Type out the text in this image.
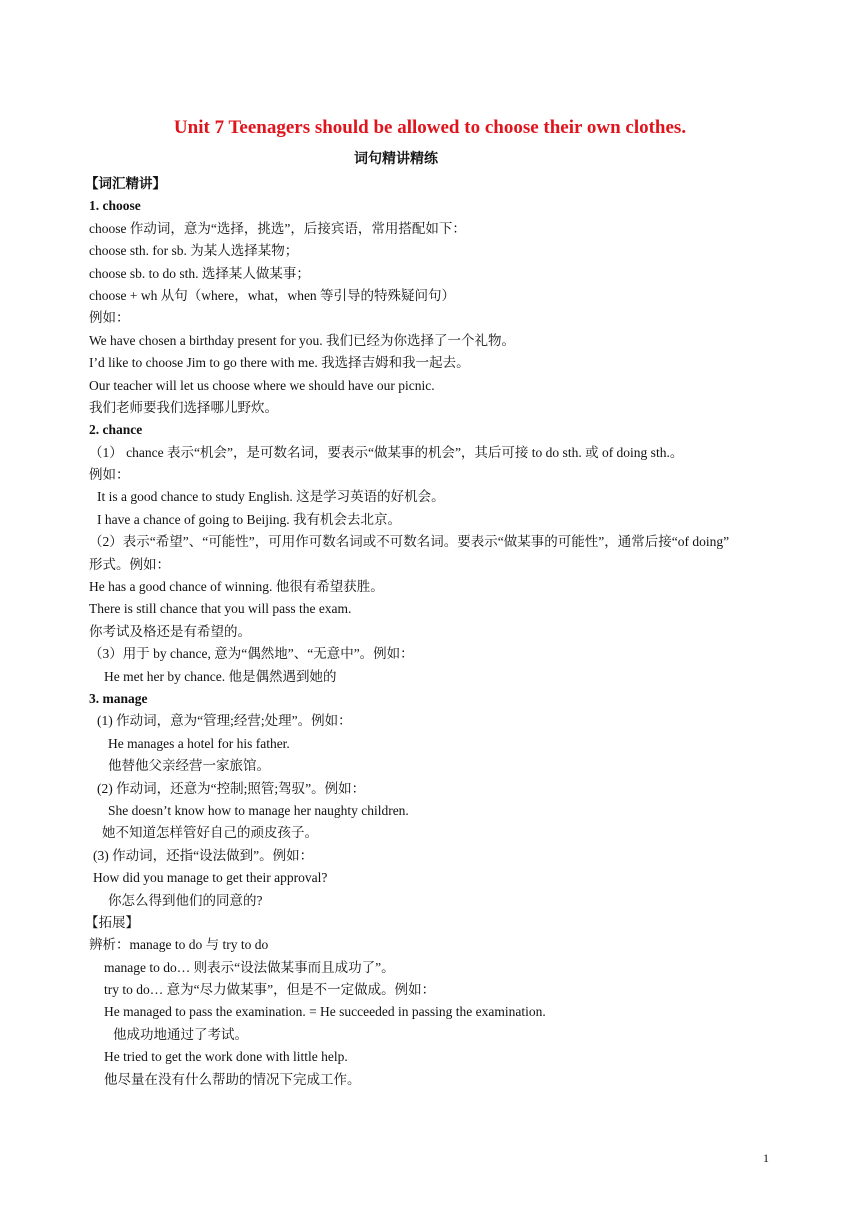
Unit 7 Teenagers should be allowed to choose their own clothes.
词句精讲精练
【词汇精讲】
1. choose
choose 作动词，意为“选择，挑选”，后接宾语，常用搭配如下：
choose sth. for sb. 为某人选择某物；
choose sb. to do sth. 选择某人做某事；
choose + wh 从句（where，what，when 等引导的特殊疑问句）
例如：
We have chosen a birthday present for you. 我们已经为你选择了一个礼物。
I’d like to choose Jim to go there with me. 我选择吉姆和我一起去。
Our teacher will let us choose where we should have our picnic.
我们老师要我们选择哪儿野炊。
2. chance
（1） chance 表示“机会”，是可数名词，要表示“做某事的机会”，其后可接 to do sth. 或 of doing sth.。
例如：
It is a good chance to study English. 这是学习英语的好机会。
I have a chance of going to Beijing. 我有机会去北京。
（2）表示“希望”、“可能性”，可用作可数名词或不可数名词。要表示“做某事的可能性”，通常后接“of doing”
形式。例如：
He has a good chance of winning. 他很有希望获胜。
There is still chance that you will pass the exam.
你考试及格还是有希望的。
（3）用于 by chance, 意为“偶然地”、“无意中”。例如：
He met her by chance. 他是偶然遇到她的
3. manage
(1) 作动词，意为“管理;经营;处理”。例如：
He manages a hotel for his father.
他替他父亲经营一家旅馆。
(2) 作动词，还意为“控制;照管;驾驭”。例如：
She doesn’t know how to manage her naughty children.
她不知道怎样管好自己的顽皮孩子。
(3) 作动词，还指“设法做到”。例如：
How did you manage to get their approval?
你怎么得到他们的同意的?
【拓展】
辨析：manage to do 与 try to do
manage to do… 则表示“设法做某事而且成功了”。
try to do… 意为“尽力做某事”，但是不一定做成。例如：
He managed to pass the examination. = He succeeded in passing the examination.
他成功地通过了考试。
He tried to get the work done with little help.
他尽量在没有什么帮助的情况下完成工作。
1
